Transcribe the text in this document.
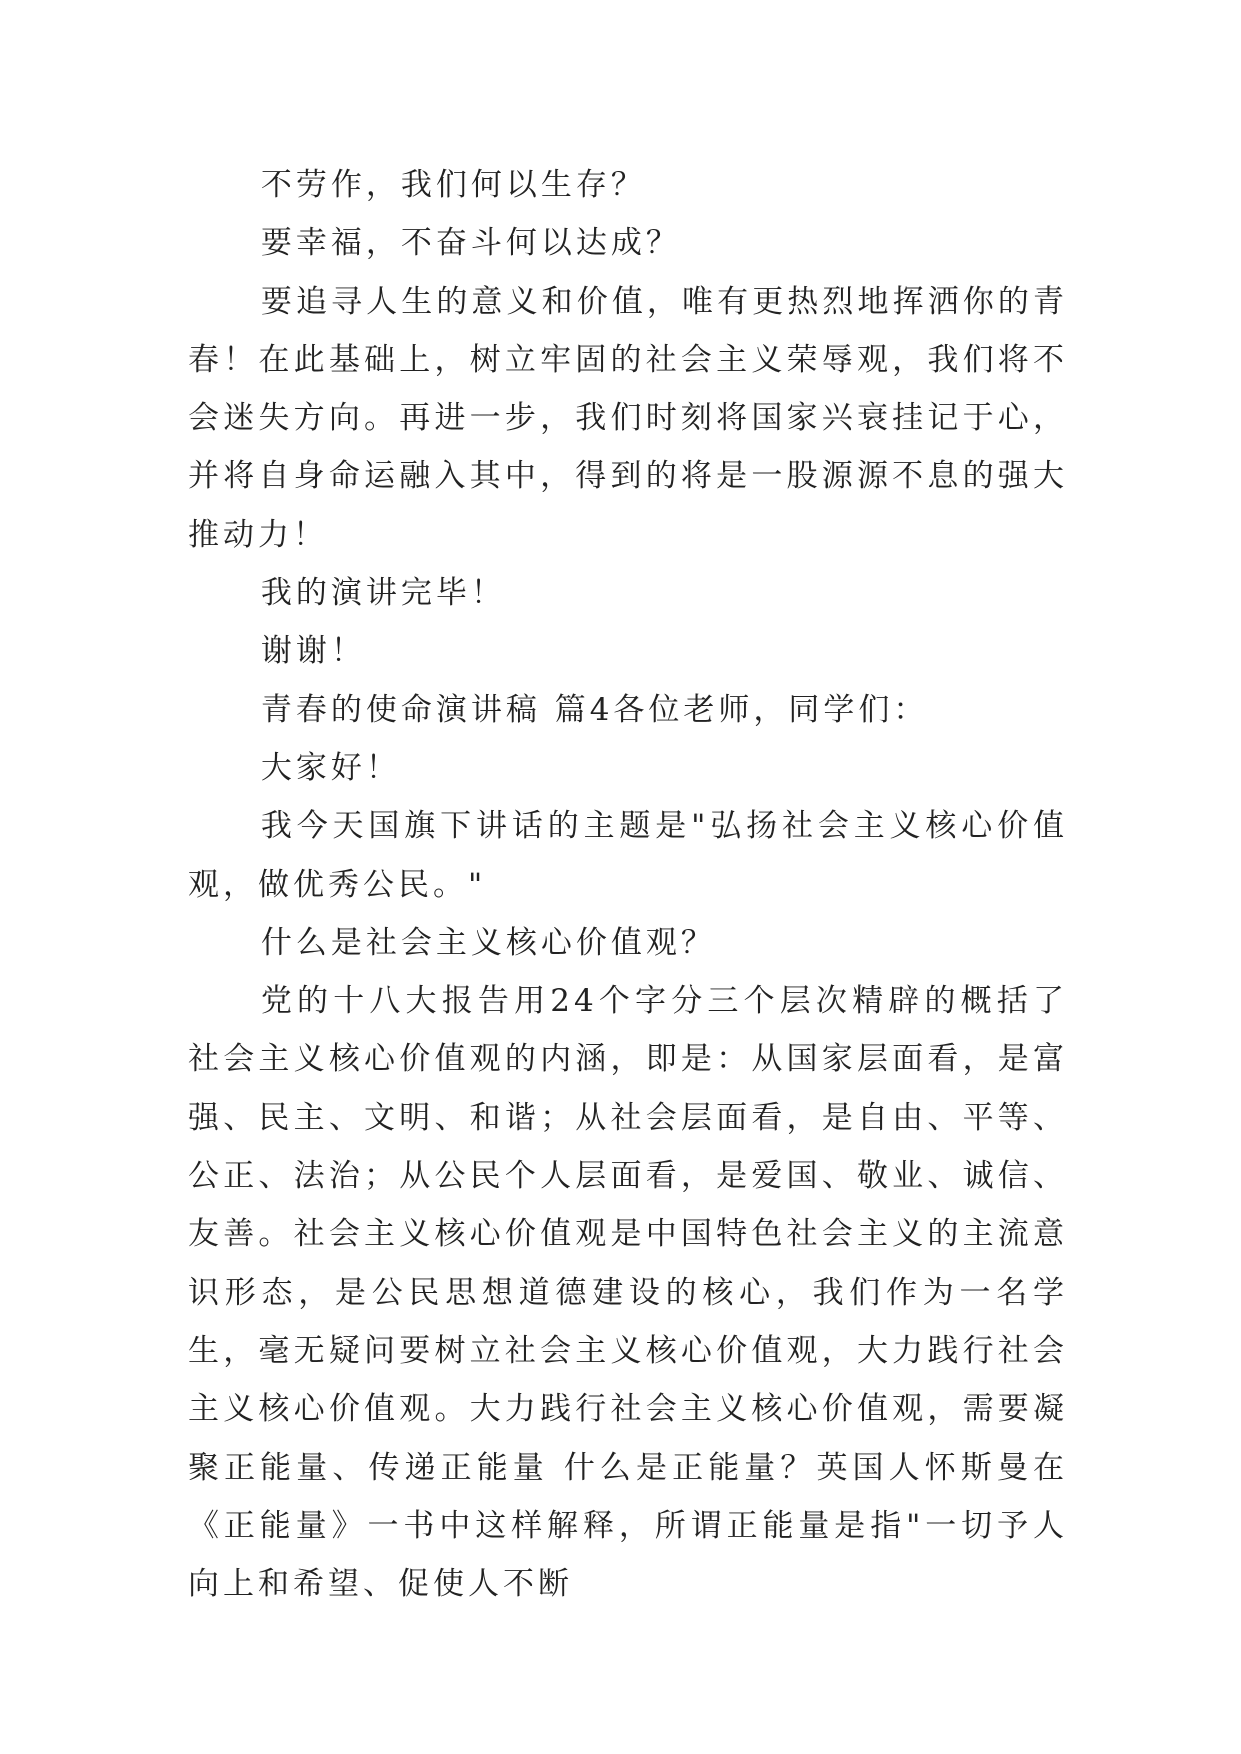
不劳作，我们何以生存？

要幸福，不奋斗何以达成？

要追寻人生的意义和价值，唯有更热烈地挥洒你的青春！在此基础上，树立牢固的社会主义荣辱观，我们将不会迷失方向。再进一步，我们时刻将国家兴衰挂记于心，并将自身命运融入其中，得到的将是一股源源不息的强大推动力！

我的演讲完毕！

谢谢！

青春的使命演讲稿 篇4各位老师，同学们：

大家好！

我今天国旗下讲话的主题是"弘扬社会主义核心价值观，做优秀公民。"

什么是社会主义核心价值观？

党的十八大报告用24个字分三个层次精辟的概括了社会主义核心价值观的内涵，即是：从国家层面看，是富强、民主、文明、和谐；从社会层面看，是自由、平等、公正、法治；从公民个人层面看，是爱国、敬业、诚信、友善。社会主义核心价值观是中国特色社会主义的主流意识形态，是公民思想道德建设的核心，我们作为一名学生，毫无疑问要树立社会主义核心价值观，大力践行社会主义核心价值观。大力践行社会主义核心价值观，需要凝聚正能量、传递正能量 什么是正能量？英国人怀斯曼在《正能量》一书中这样解释，所谓正能量是指"一切予人向上和希望、促使人不断
